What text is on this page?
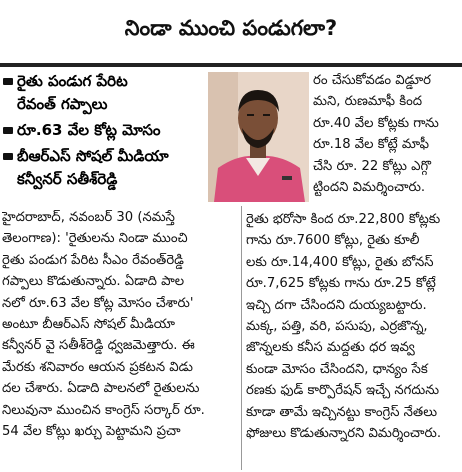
నిండా ముంచి పండుగలా?
రైతు పండుగ పేరిట
రేవంత్ గప్పాలు
రూ.63 వేల కోట్ల మోసం
బీఆర్ఎస్ సోషల్ మీడియా
కన్వీనర్ సతీశ్‌రెడ్డి
రం చేసుకోవడం విడ్డూర
మని, రుణమాఫీ కింద
రూ.40 వేల కోట్లకు గాను
రూ.18 వేల కోట్లే మాఫీ
చేసి రూ. 22 కోట్లు ఎగ్గొ
ట్టిందని విమర్శించారు.
హైదరాబాద్, నవంబర్ 30 (నమస్తే
తెలంగాణ): 'రైతులను నిండా ముంచి
రైతు పండుగ పేరిట సీఎం రేవంత్‌రెడ్డి
గప్పాలు కొడుతున్నారు. ఏడాది పాల
నలో రూ.63 వేల కోట్ల మోసం చేశారు'
అంటూ బీఆర్ఎస్ సోషల్ మీడియా
కన్వీనర్ వై సతీశ్‌రెడ్డి ధ్వజమెత్తారు. ఈ
మేరకు శనివారం ఆయన ప్రకటన విడు
దల చేశారు. ఏడాది పాలనలో రైతులను
నిలువునా ముంచిన కాంగ్రెస్ సర్కార్ రూ.
54 వేల కోట్లు ఖర్చు పెట్టామని ప్రచా
రైతు భరోసా కింద రూ.22,800 కోట్లకు
గాను రూ.7600 కోట్లు, రైతు కూలీ
లకు రూ.14,400 కోట్లు, రైతు బోనస్
రూ.7,625 కోట్లకు గాను రూ.25 కోట్లే
ఇచ్చి దగా చేసిందని దుయ్యబట్టారు.
మక్క, పత్తి, వరి, పసుపు, ఎర్రజొన్న,
జొన్నలకు కనీస మద్దతు ధర ఇవ్వ
కుండా మోసం చేసిందని, ధాన్యం సేక
రణకు ఫుడ్ కార్పొరేషన్ ఇచ్చే నగదును
కూడా తామే ఇచ్చినట్టు కాంగ్రెస్ నేతలు
ఫోజులు కొడుతున్నారని విమర్శించారు.
